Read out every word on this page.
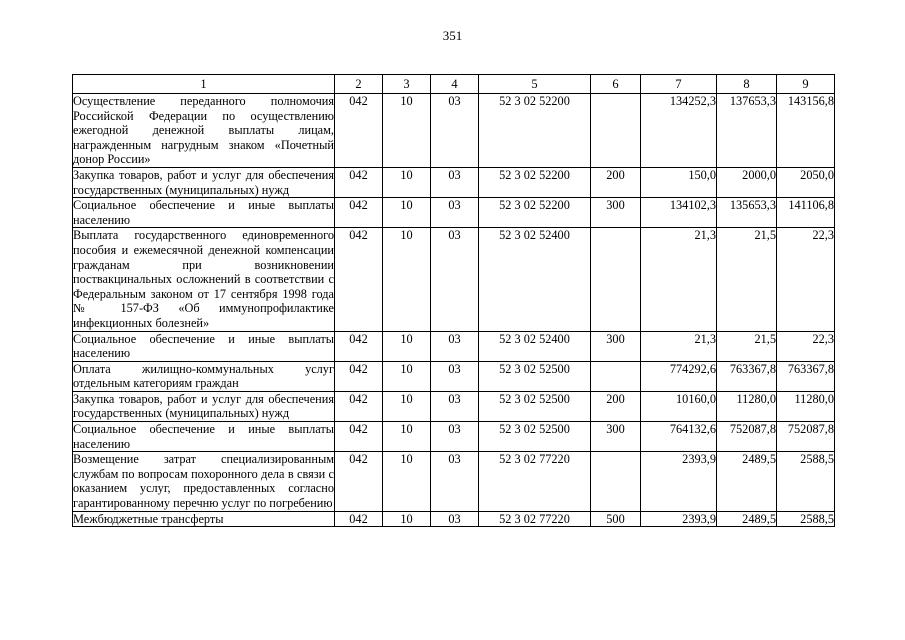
351
1	2	3	4	5	6	7	8	9
Осуществление переданного полномочия Российской Федерации по осуществлению ежегодной денежной выплаты лицам, награжденным нагрудным знаком «Почетный донор России»	042	10	03	52 3 02 52200		134252,3	137653,3	143156,8
Закупка товаров, работ и услуг для обеспечения государственных (муниципальных) нужд	042	10	03	52 3 02 52200	200	150,0	2000,0	2050,0
Социальное обеспечение и иные выплаты населению	042	10	03	52 3 02 52200	300	134102,3	135653,3	141106,8
Выплата государственного единовременного пособия и ежемесячной денежной компенсации гражданам при возникновении поствакцинальных осложнений в соответствии с Федеральным законом от 17 сентября 1998 года № 157-ФЗ «Об иммунопрофилактике инфекционных болезней»	042	10	03	52 3 02 52400		21,3	21,5	22,3
Социальное обеспечение и иные выплаты населению	042	10	03	52 3 02 52400	300	21,3	21,5	22,3
Оплата жилищно-коммунальных услуг отдельным категориям граждан	042	10	03	52 3 02 52500		774292,6	763367,8	763367,8
Закупка товаров, работ и услуг для обеспечения государственных (муниципальных) нужд	042	10	03	52 3 02 52500	200	10160,0	11280,0	11280,0
Социальное обеспечение и иные выплаты населению	042	10	03	52 3 02 52500	300	764132,6	752087,8	752087,8
Возмещение затрат специализированным службам по вопросам похоронного дела в связи с оказанием услуг, предоставленных согласно гарантированному перечню услуг по погребению	042	10	03	52 3 02 77220		2393,9	2489,5	2588,5
Межбюджетные трансферты	042	10	03	52 3 02 77220	500	2393,9	2489,5	2588,5
